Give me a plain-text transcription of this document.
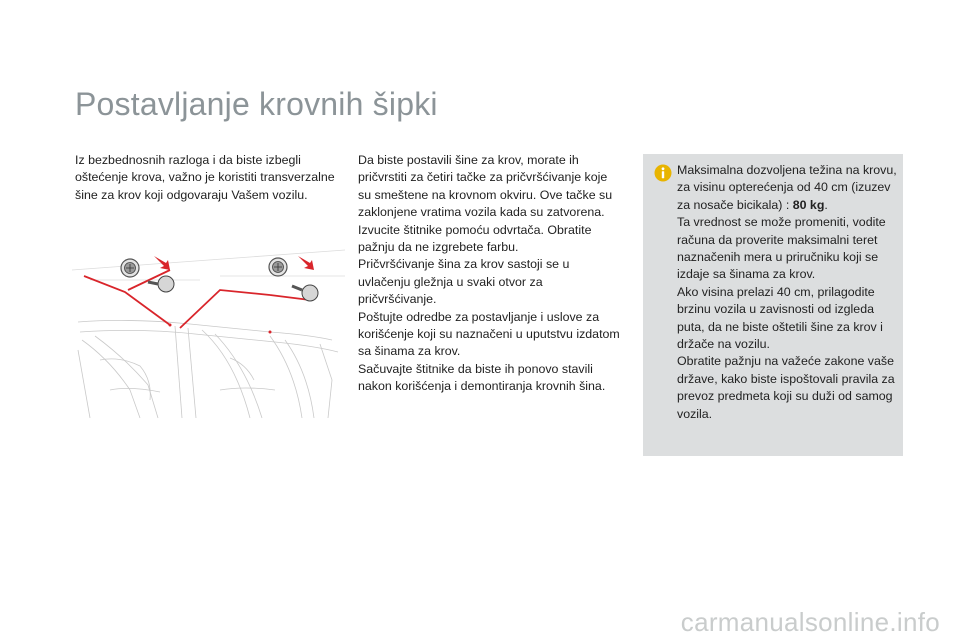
Postavljanje krovnih šipki

Iz bezbednosnih razloga i da biste izbegli oštećenje krova, važno je koristiti transverzalne šine za krov koji odgovaraju Vašem vozilu.

Da biste postavili šine za krov, morate ih pričvrstiti za četiri tačke za pričvršćivanje koje su smeštene na krovnom okviru. Ove tačke su zaklonjene vratima vozila kada su zatvorena.

Izvucite štitnike pomoću odvrtača. Obratite pažnju da ne izgrebete farbu.

Pričvršćivanje šina za krov sastoji se u uvlačenju gležnja u svaki otvor za pričvršćivanje.

Poštujte odredbe za postavljanje i uslove za korišćenje koji su naznačeni u uputstvu izdatom sa šinama za krov.

Sačuvajte štitnike da biste ih ponovo stavili nakon korišćenja i demontiranja krovnih šina.

Maksimalna dozvoljena težina na krovu, za visinu opterećenja od 40 cm (izuzev za nosače bicikala) : 80 kg.

Ta vrednost se može promeniti, vodite računa da proverite maksimalni teret naznačenih mera u priručniku koji se izdaje sa šinama za krov.

Ako visina prelazi 40 cm, prilagodite brzinu vozila u zavisnosti od izgleda puta, da ne biste oštetili šine za krov i držače na vozilu.

Obratite pažnju na važeće zakone vaše države, kako biste ispoštovali pravila za prevoz predmeta koji su duži od samog vozila.

carmanualsonline.info
